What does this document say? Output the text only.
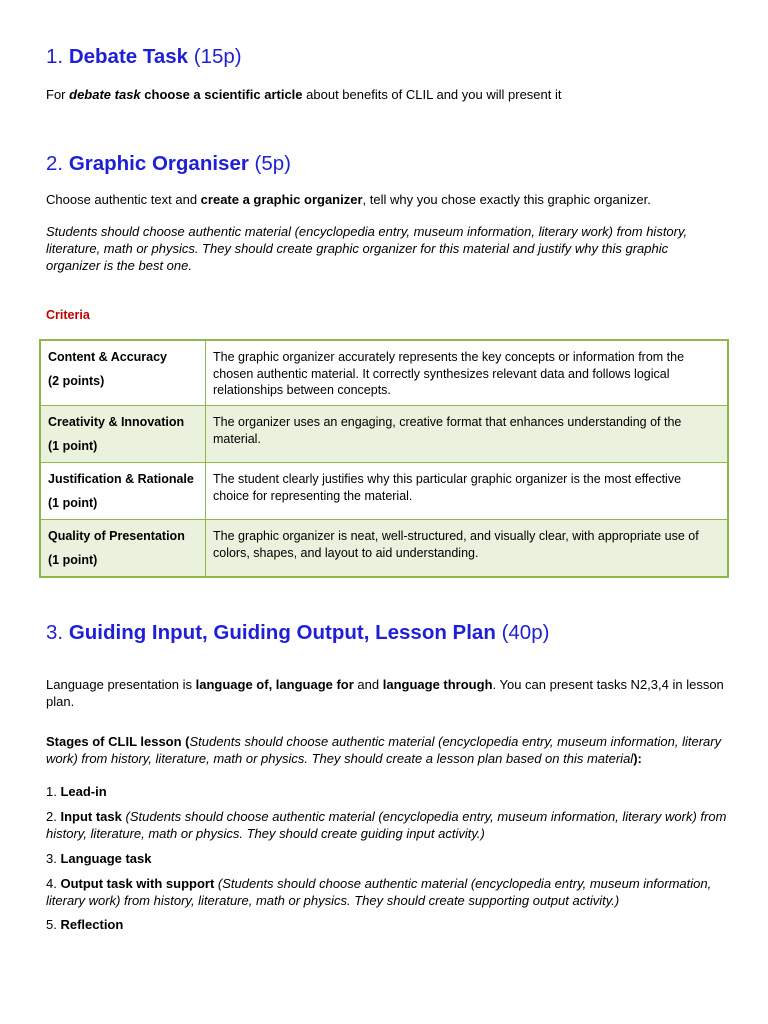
1. Debate Task (15p)

For debate task choose a scientific article about benefits of CLIL and you will present it

2. Graphic Organiser (5p)

Choose authentic text and create a graphic organizer, tell why you chose exactly this graphic organizer.

Students should choose authentic material (encyclopedia entry, museum information, literary work) from history, literature, math or physics. They should create graphic organizer for this material and justify why this graphic organizer is the best one.

Criteria

Content & Accuracy
(2 points)	The graphic organizer accurately represents the key concepts or information from the chosen authentic material. It correctly synthesizes relevant data and follows logical relationships between concepts.

Creativity & Innovation
(1 point)	The organizer uses an engaging, creative format that enhances understanding of the material.

Justification & Rationale
(1 point)	The student clearly justifies why this particular graphic organizer is the most effective choice for representing the material.

Quality of Presentation
(1 point)	The graphic organizer is neat, well-structured, and visually clear, with appropriate use of colors, shapes, and layout to aid understanding.
3. Guiding Input, Guiding Output, Lesson Plan (40p)

Language presentation is language of, language for and language through. You can present tasks N2,3,4 in lesson plan.

Stages of CLIL lesson (Students should choose authentic material (encyclopedia entry, museum information, literary work) from history, literature, math or physics. They should create a lesson plan based on this material):

1. Lead-in

2. Input task (Students should choose authentic material (encyclopedia entry, museum information, literary work) from history, literature, math or physics. They should create guiding input activity.)

3. Language task

4. Output task with support (Students should choose authentic material (encyclopedia entry, museum information, literary work) from history, literature, math or physics. They should create supporting output activity.)

5. Reflection
